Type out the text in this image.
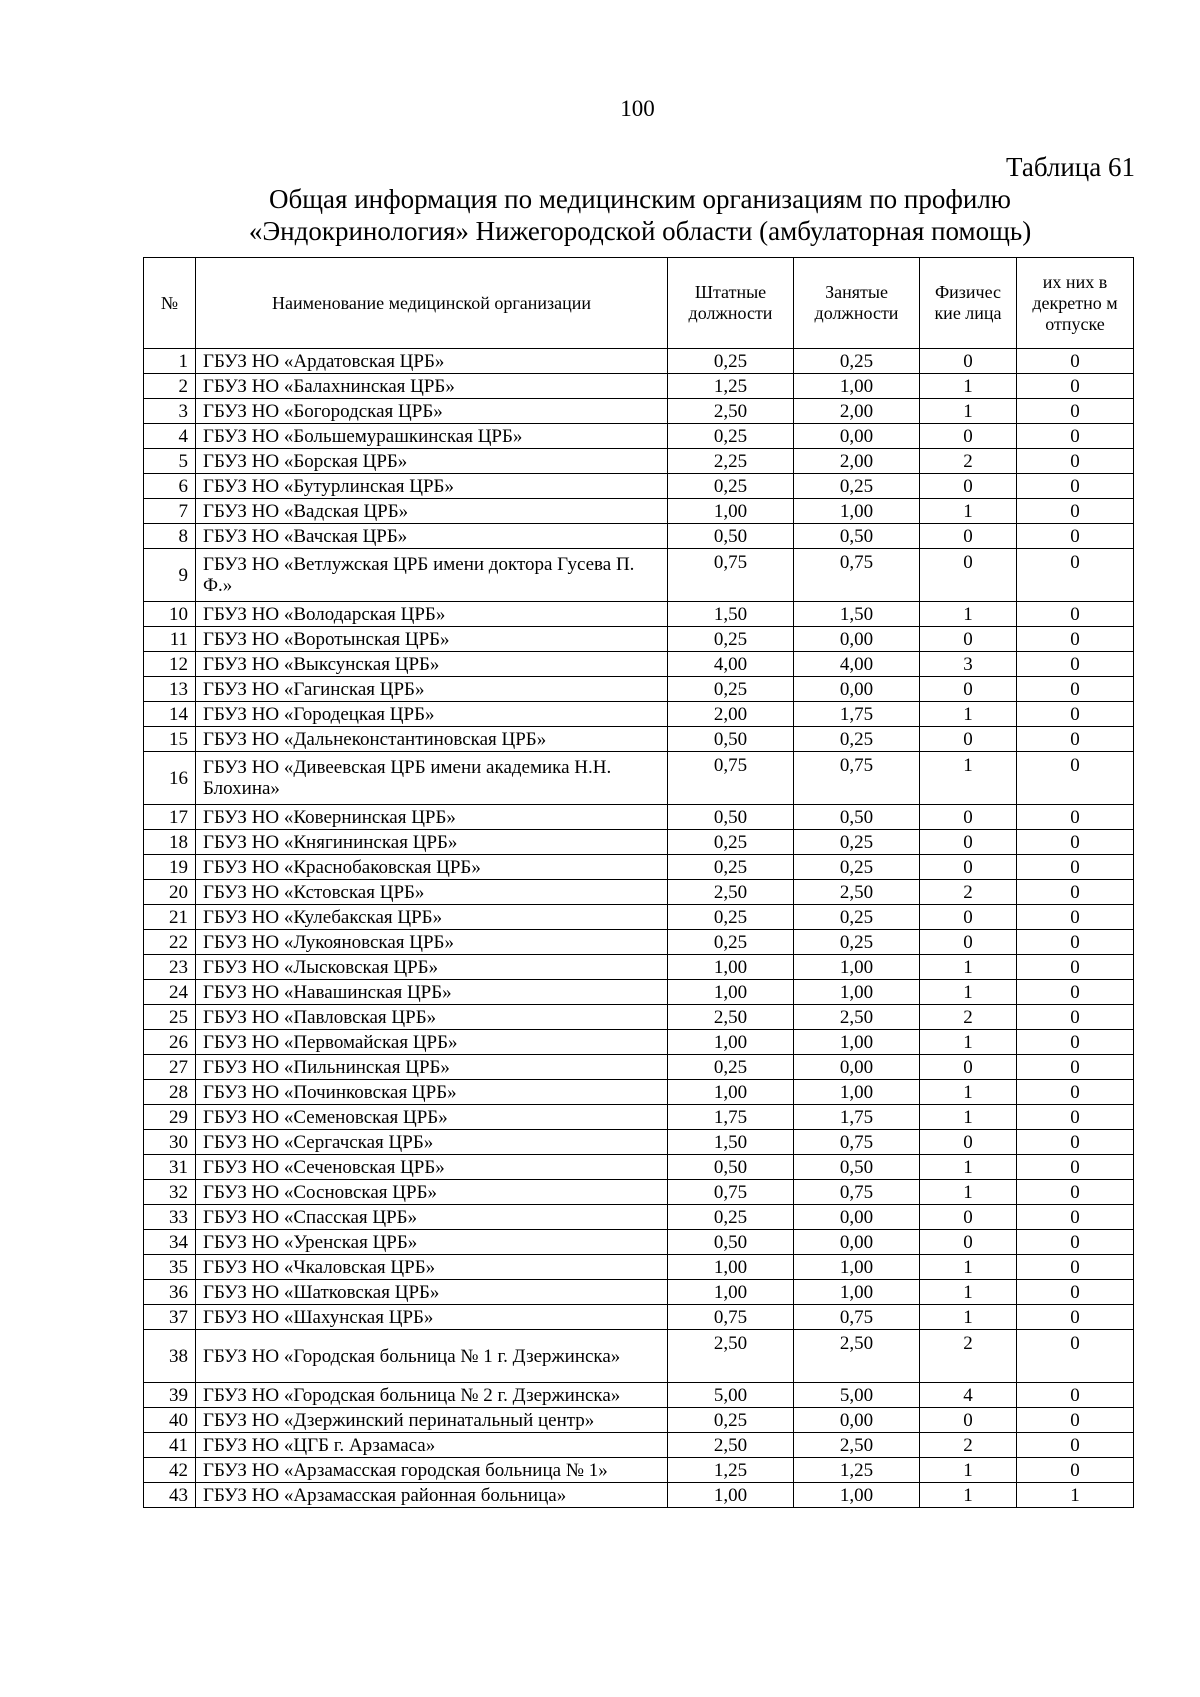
100
Таблица 61
Общая информация по медицинским организациям по профилю
«Эндокринология» Нижегородской области (амбулаторная помощь)
№	Наименование медицинской организации	Штатные должности	Занятые должности	Физичес кие лица	их них в декретно м отпуске
1	ГБУЗ НО «Ардатовская ЦРБ»	0,25	0,25	0	0
2	ГБУЗ НО «Балахнинская ЦРБ»	1,25	1,00	1	0
3	ГБУЗ НО «Богородская ЦРБ»	2,50	2,00	1	0
4	ГБУЗ НО «Большемурашкинская ЦРБ»	0,25	0,00	0	0
5	ГБУЗ НО «Борская ЦРБ»	2,25	2,00	2	0
6	ГБУЗ НО «Бутурлинская ЦРБ»	0,25	0,25	0	0
7	ГБУЗ НО «Вадская ЦРБ»	1,00	1,00	1	0
8	ГБУЗ НО «Вачская ЦРБ»	0,50	0,50	0	0
9	ГБУЗ НО «Ветлужская ЦРБ имени доктора Гусева П. Ф.»	0,75	0,75	0	0
10	ГБУЗ НО «Володарская ЦРБ»	1,50	1,50	1	0
11	ГБУЗ НО «Воротынская ЦРБ»	0,25	0,00	0	0
12	ГБУЗ НО «Выксунская ЦРБ»	4,00	4,00	3	0
13	ГБУЗ НО «Гагинская ЦРБ»	0,25	0,00	0	0
14	ГБУЗ НО «Городецкая ЦРБ»	2,00	1,75	1	0
15	ГБУЗ НО «Дальнеконстантиновская ЦРБ»	0,50	0,25	0	0
16	ГБУЗ НО «Дивеевская ЦРБ имени академика Н.Н. Блохина»	0,75	0,75	1	0
17	ГБУЗ НО «Ковернинская ЦРБ»	0,50	0,50	0	0
18	ГБУЗ НО «Княгининская ЦРБ»	0,25	0,25	0	0
19	ГБУЗ НО «Краснобаковская ЦРБ»	0,25	0,25	0	0
20	ГБУЗ НО «Кстовская ЦРБ»	2,50	2,50	2	0
21	ГБУЗ НО «Кулебакская ЦРБ»	0,25	0,25	0	0
22	ГБУЗ НО «Лукояновская ЦРБ»	0,25	0,25	0	0
23	ГБУЗ НО «Лысковская ЦРБ»	1,00	1,00	1	0
24	ГБУЗ НО «Навашинская ЦРБ»	1,00	1,00	1	0
25	ГБУЗ НО «Павловская ЦРБ»	2,50	2,50	2	0
26	ГБУЗ НО «Первомайская ЦРБ»	1,00	1,00	1	0
27	ГБУЗ НО «Пильнинская ЦРБ»	0,25	0,00	0	0
28	ГБУЗ НО «Починковская ЦРБ»	1,00	1,00	1	0
29	ГБУЗ НО «Семеновская ЦРБ»	1,75	1,75	1	0
30	ГБУЗ НО «Сергачская ЦРБ»	1,50	0,75	0	0
31	ГБУЗ НО «Сеченовская ЦРБ»	0,50	0,50	1	0
32	ГБУЗ НО «Сосновская ЦРБ»	0,75	0,75	1	0
33	ГБУЗ НО «Спасская ЦРБ»	0,25	0,00	0	0
34	ГБУЗ НО «Уренская ЦРБ»	0,50	0,00	0	0
35	ГБУЗ НО «Чкаловская ЦРБ»	1,00	1,00	1	0
36	ГБУЗ НО «Шатковская ЦРБ»	1,00	1,00	1	0
37	ГБУЗ НО «Шахунская ЦРБ»	0,75	0,75	1	0
38	ГБУЗ НО «Городская больница № 1 г. Дзержинска»	2,50	2,50	2	0
39	ГБУЗ НО «Городская больница № 2 г. Дзержинска»	5,00	5,00	4	0
40	ГБУЗ НО «Дзержинский перинатальный центр»	0,25	0,00	0	0
41	ГБУЗ НО «ЦГБ г. Арзамаса»	2,50	2,50	2	0
42	ГБУЗ НО «Арзамасская городская больница № 1»	1,25	1,25	1	0
43	ГБУЗ НО «Арзамасская районная больница»	1,00	1,00	1	1
